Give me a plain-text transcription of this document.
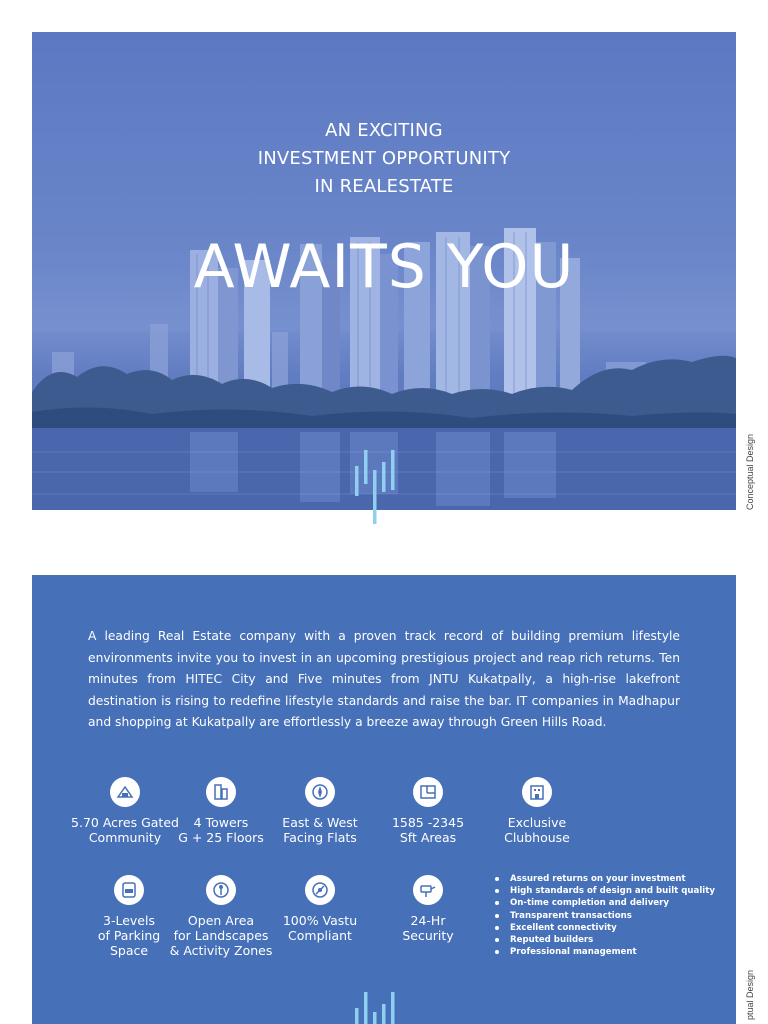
AN EXCITING
INVESTMENT OPPORTUNITY
IN REALESTATE
AWAITS YOU
Conceptual Design
A leading Real Estate company with a proven track record of building premium lifestyle environments invite you to invest in an upcoming prestigious project and reap rich returns. Ten minutes from HITEC City and Five minutes from JNTU Kukatpally, a high-rise lakefront destination is rising to redefine lifestyle standards and raise the bar. IT companies in Madhapur and shopping at Kukatpally are effortlessly a breeze away through Green Hills Road.
5.70 Acres Gated
Community
4 Towers
G + 25 Floors
East & West
Facing Flats
1585 -2345
Sft Areas
Exclusive
Clubhouse
3-Levels
of Parking
Space
Open Area
for Landscapes
& Activity Zones
100% Vastu
Compliant
24-Hr
Security
Assured returns on your investment
High standards of design and built quality
On-time completion and delivery
Transparent transactions
Excellent connectivity
Reputed builders
Professional management
ptual Design
